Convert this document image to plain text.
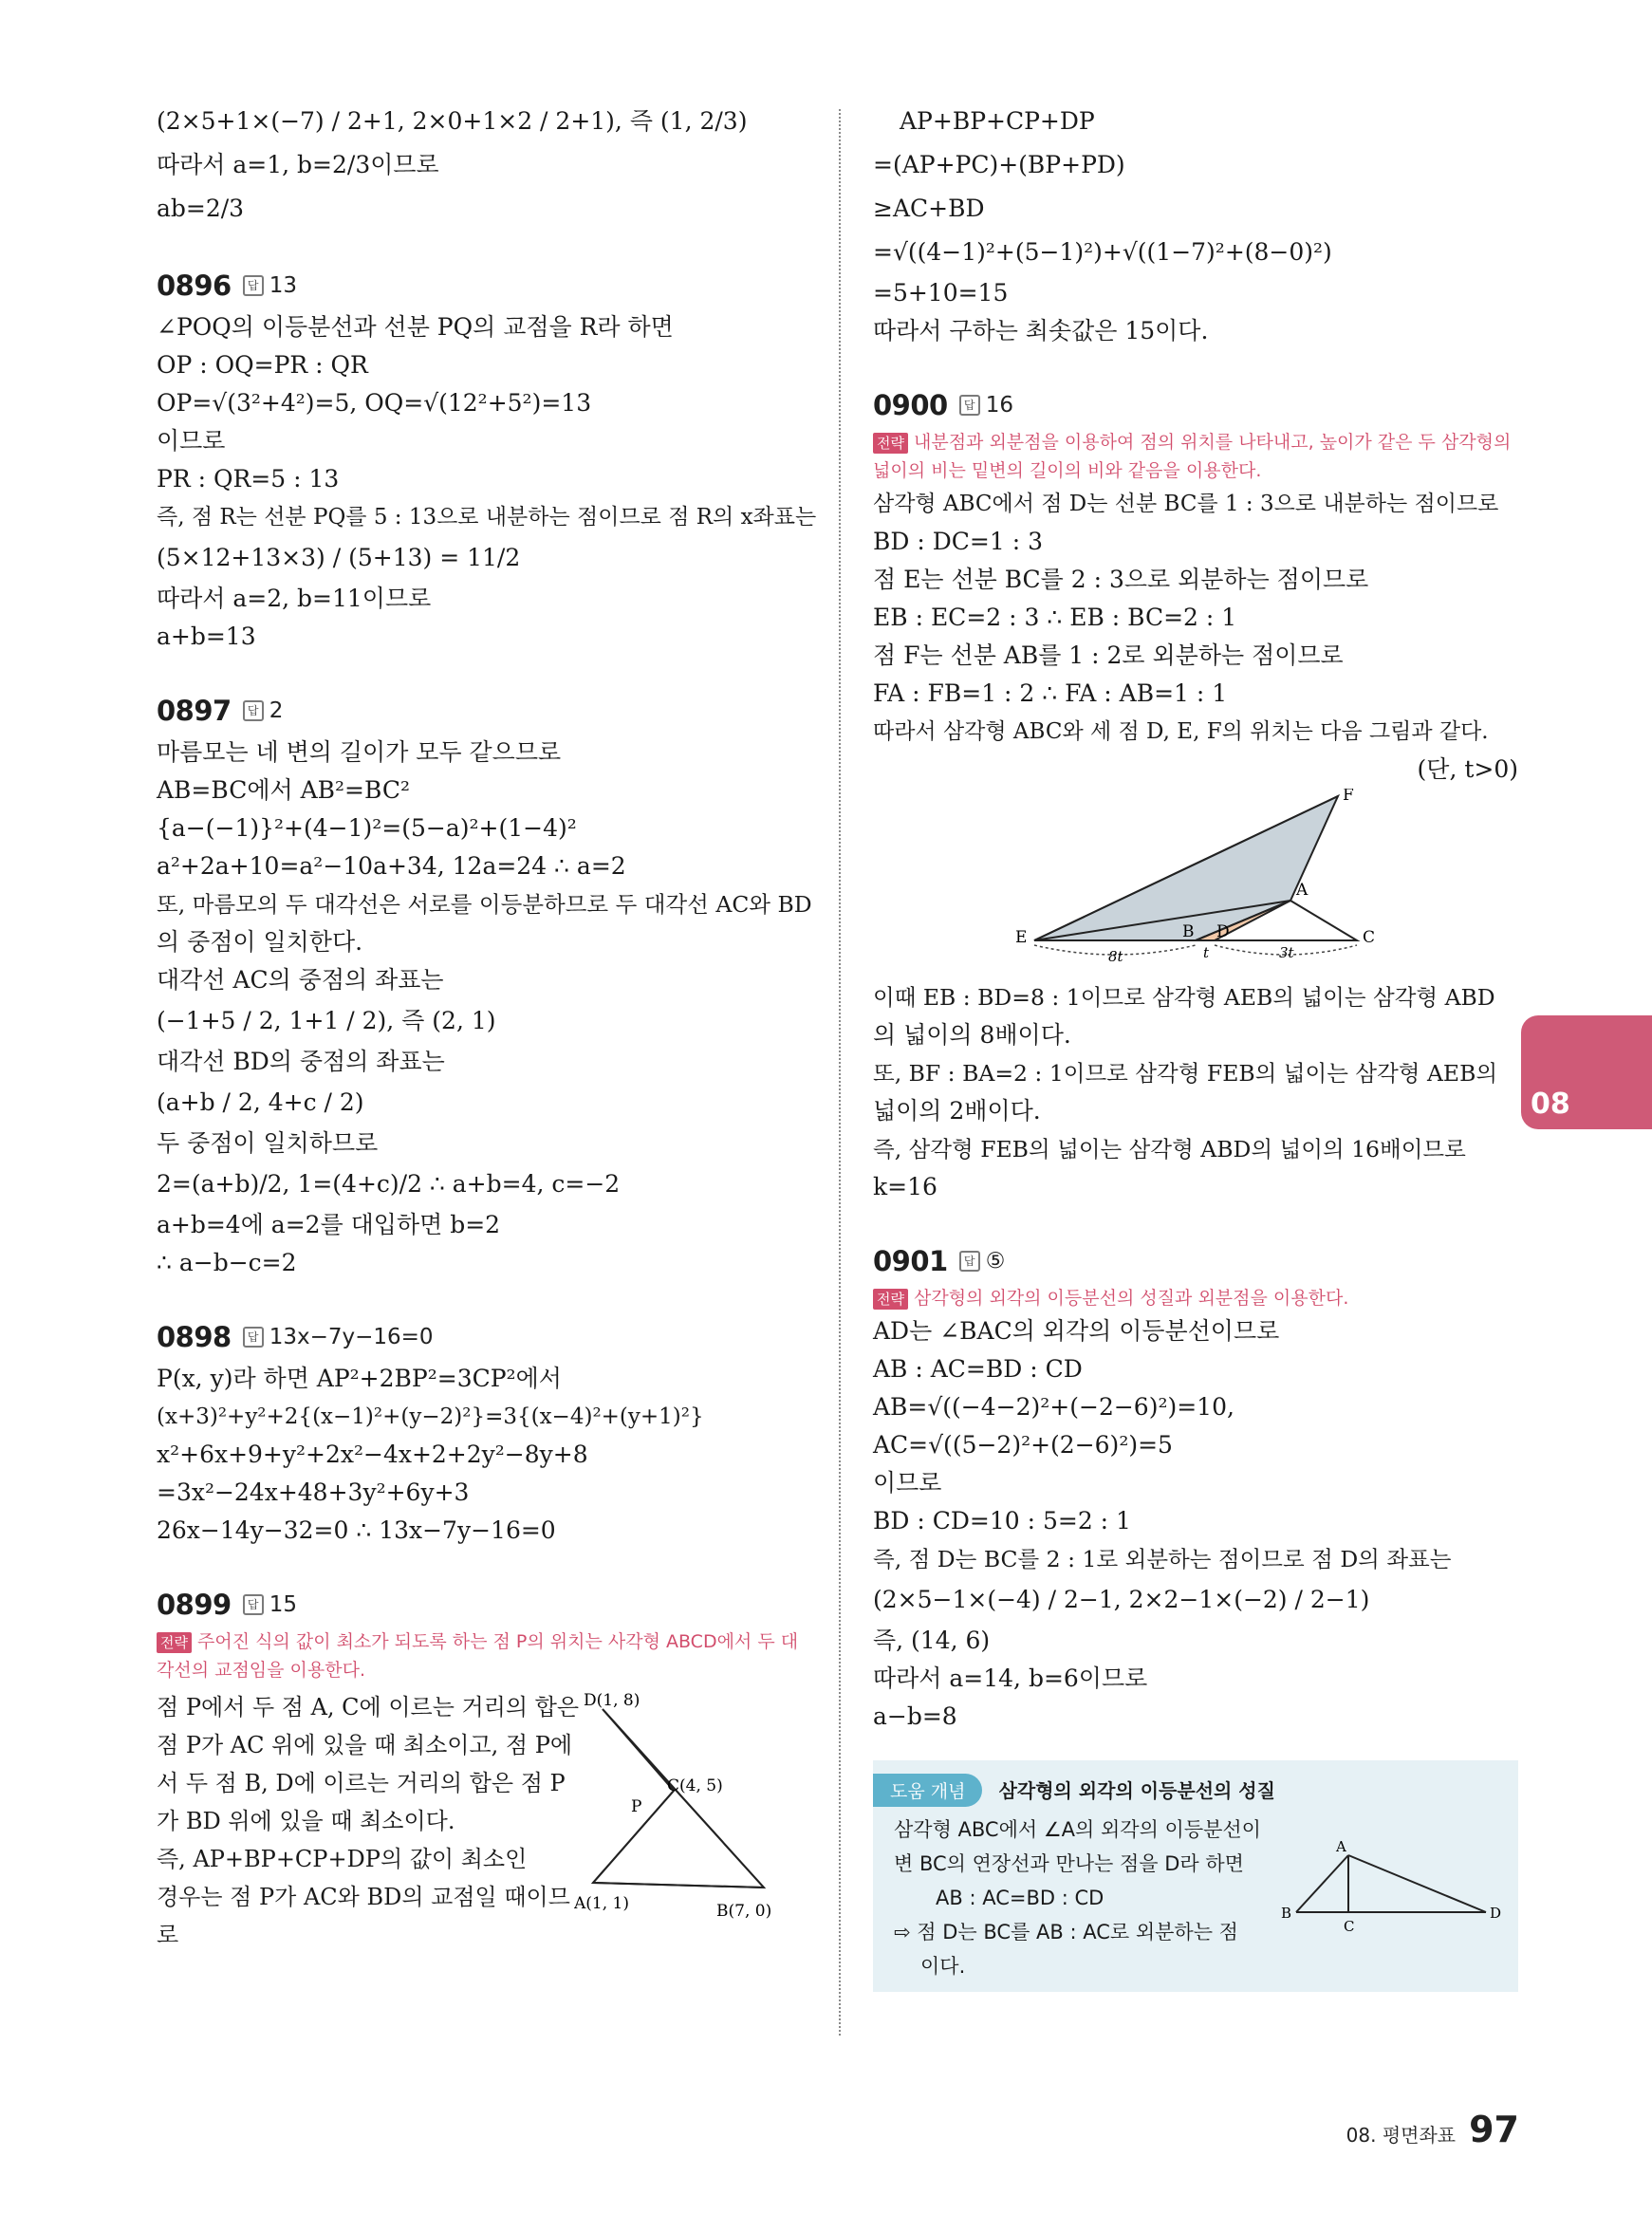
(2×5+1×(−7) / 2+1, 2×0+1×2 / 2+1), 즉 (1, 2/3)
따라서 a=1, b=2/3이므로
ab=2/3
0896	답 13
∠POQ의 이등분선과 선분 PQ의 교점을 R라 하면
OP : OQ=PR : QR
OP=√(3²+4²)=5, OQ=√(12²+5²)=13
이므로
PR : QR=5 : 13
즉, 점 R는 선분 PQ를 5 : 13으로 내분하는 점이므로 점 R의 x좌표는
(5×12+13×3) / (5+13) = 11/2
따라서 a=2, b=11이므로
a+b=13
0897	답 2
마름모는 네 변의 길이가 모두 같으므로
AB=BC에서 AB²=BC²
{a−(−1)}²+(4−1)²=(5−a)²+(1−4)²
a²+2a+10=a²−10a+34, 12a=24 ∴ a=2
또, 마름모의 두 대각선은 서로를 이등분하므로 두 대각선 AC와 BD
의 중점이 일치한다.
대각선 AC의 중점의 좌표는
(−1+5 / 2, 1+1 / 2), 즉 (2, 1)
대각선 BD의 중점의 좌표는
(a+b / 2, 4+c / 2)
두 중점이 일치하므로
2=(a+b)/2, 1=(4+c)/2 ∴ a+b=4, c=−2
a+b=4에 a=2를 대입하면 b=2
∴ a−b−c=2
0898	답 13x−7y−16=0
P(x, y)라 하면 AP²+2BP²=3CP²에서
(x+3)²+y²+2{(x−1)²+(y−2)²}=3{(x−4)²+(y+1)²}
x²+6x+9+y²+2x²−4x+2+2y²−8y+8
=3x²−24x+48+3y²+6y+3
26x−14y−32=0 ∴ 13x−7y−16=0
0899	답 15
전략 주어진 식의 값이 최소가 되도록 하는 점 P의 위치는 사각형 ABCD에서 두 대각선의 교점임을 이용한다.
점 P에서 두 점 A, C에 이르는 거리의 합은
점 P가 AC 위에 있을 때 최소이고, 점 P에
서 두 점 B, D에 이르는 거리의 합은 점 P
가 BD 위에 있을 때 최소이다.
즉, AP+BP+CP+DP의 값이 최소인
경우는 점 P가 AC와 BD의 교점일 때이므
로
D(1, 8)
C(4, 5)
P
A(1, 1)	B(7, 0)
AP+BP+CP+DP
=(AP+PC)+(BP+PD)
≥AC+BD
=√((4−1)²+(5−1)²)+√((1−7)²+(8−0)²)
=5+10=15
따라서 구하는 최솟값은 15이다.
0900	답 16
전략 내분점과 외분점을 이용하여 점의 위치를 나타내고, 높이가 같은 두 삼각형의 넓이의 비는 밑변의 길이의 비와 같음을 이용한다.
삼각형 ABC에서 점 D는 선분 BC를 1 : 3으로 내분하는 점이므로
BD : DC=1 : 3
점 E는 선분 BC를 2 : 3으로 외분하는 점이므로
EB : EC=2 : 3 ∴ EB : BC=2 : 1
점 F는 선분 AB를 1 : 2로 외분하는 점이므로
FA : FB=1 : 2 ∴ FA : AB=1 : 1
따라서 삼각형 ABC와 세 점 D, E, F의 위치는 다음 그림과 같다.
(단, t>0)
F
A
E	B D	C
t
8t	3t
이때 EB : BD=8 : 1이므로 삼각형 AEB의 넓이는 삼각형 ABD
의 넓이의 8배이다.
또, BF : BA=2 : 1이므로 삼각형 FEB의 넓이는 삼각형 AEB의
넓이의 2배이다.
즉, 삼각형 FEB의 넓이는 삼각형 ABD의 넓이의 16배이므로
k=16
0901	답 ⑤
전략 삼각형의 외각의 이등분선의 성질과 외분점을 이용한다.
AD는 ∠BAC의 외각의 이등분선이므로
AB : AC=BD : CD
AB=√((−4−2)²+(−2−6)²)=10,
AC=√((5−2)²+(2−6)²)=5
이므로
BD : CD=10 : 5=2 : 1
즉, 점 D는 BC를 2 : 1로 외분하는 점이므로 점 D의 좌표는
(2×5−1×(−4) / 2−1, 2×2−1×(−2) / 2−1)
즉, (14, 6)
따라서 a=14, b=6이므로
a−b=8
도움 개념 삼각형의 외각의 이등분선의 성질
삼각형 ABC에서 ∠A의 외각의 이등분선이
변 BC의 연장선과 만나는 점을 D라 하면
AB : AC=BD : CD
⇨ 점 D는 BC를 AB : AC로 외분하는 점
이다.
A
B
C
D
08
08. 평면좌표 97
